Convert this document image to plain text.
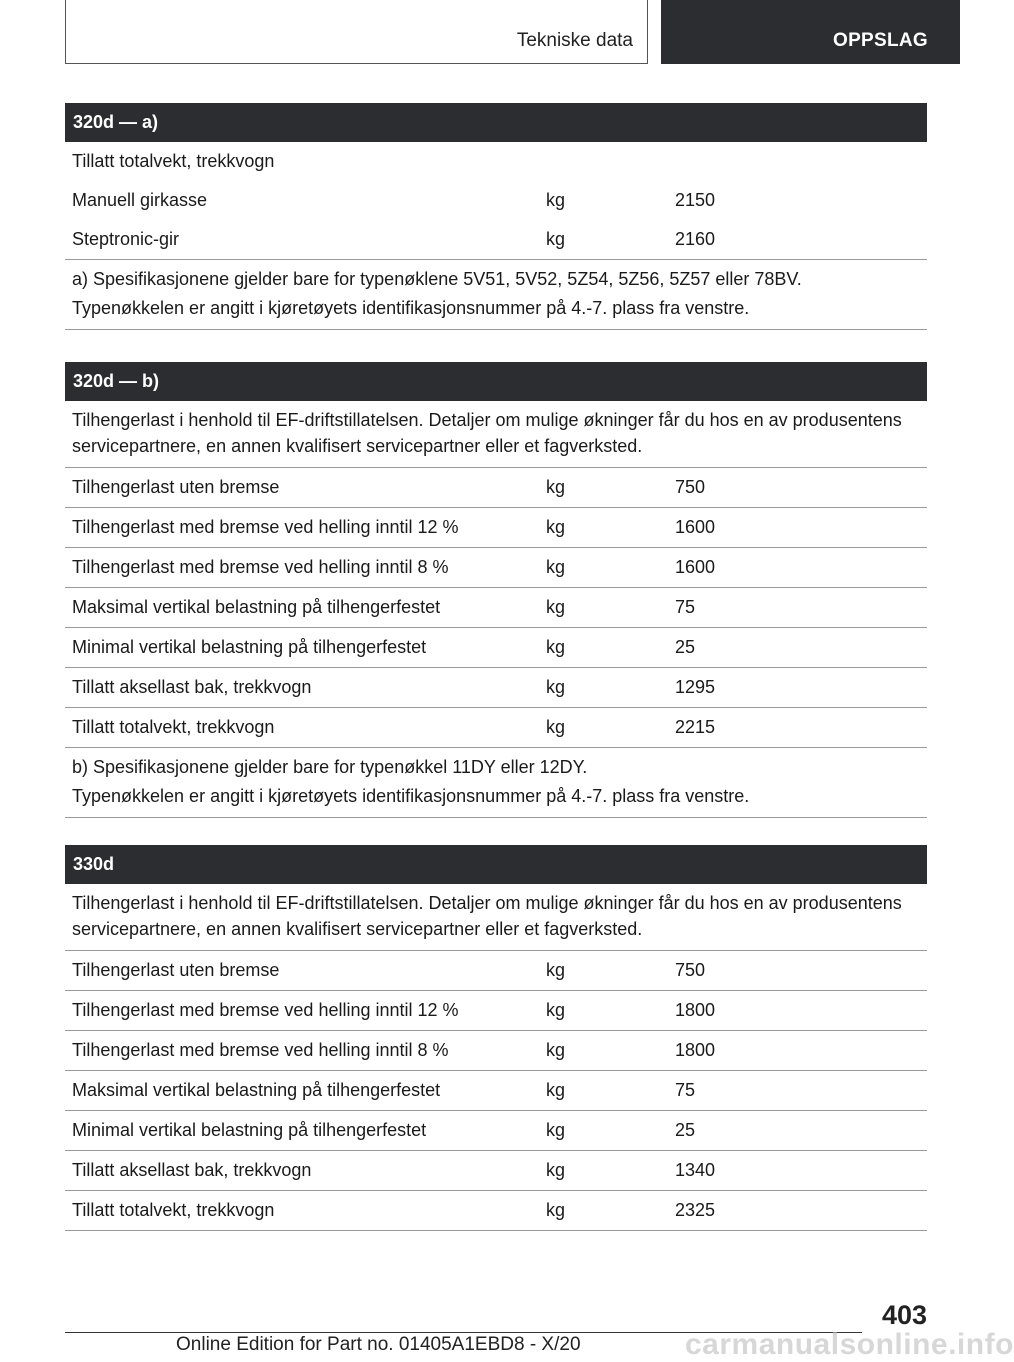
Tekniske data	OPPSLAG
320d — a)
Tillatt totalvekt, trekkvogn
Manuell girkasse	kg	2150
Steptronic-gir	kg	2160
a) Spesifikasjonene gjelder bare for typenøklene 5V51, 5V52, 5Z54, 5Z56, 5Z57 eller 78BV.
Typenøkkelen er angitt i kjøretøyets identifikasjonsnummer på 4.-7. plass fra venstre.
320d — b)
Tilhengerlast i henhold til EF-driftstillatelsen. Detaljer om mulige økninger får du hos en av produsentens servicepartnere, en annen kvalifisert servicepartner eller et fagverksted.
Tilhengerlast uten bremse	kg	750
Tilhengerlast med bremse ved helling inntil 12 %	kg	1600
Tilhengerlast med bremse ved helling inntil 8 %	kg	1600
Maksimal vertikal belastning på tilhengerfestet	kg	75
Minimal vertikal belastning på tilhengerfestet	kg	25
Tillatt aksellast bak, trekkvogn	kg	1295
Tillatt totalvekt, trekkvogn	kg	2215
b) Spesifikasjonene gjelder bare for typenøkkel 11DY eller 12DY.
Typenøkkelen er angitt i kjøretøyets identifikasjonsnummer på 4.-7. plass fra venstre.
330d
Tilhengerlast i henhold til EF-driftstillatelsen. Detaljer om mulige økninger får du hos en av produsentens servicepartnere, en annen kvalifisert servicepartner eller et fagverksted.
Tilhengerlast uten bremse	kg	750
Tilhengerlast med bremse ved helling inntil 12 %	kg	1800
Tilhengerlast med bremse ved helling inntil 8 %	kg	1800
Maksimal vertikal belastning på tilhengerfestet	kg	75
Minimal vertikal belastning på tilhengerfestet	kg	25
Tillatt aksellast bak, trekkvogn	kg	1340
Tillatt totalvekt, trekkvogn	kg	2325
403
Online Edition for Part no. 01405A1EBD8 - X/20	carmanualsonline.info
